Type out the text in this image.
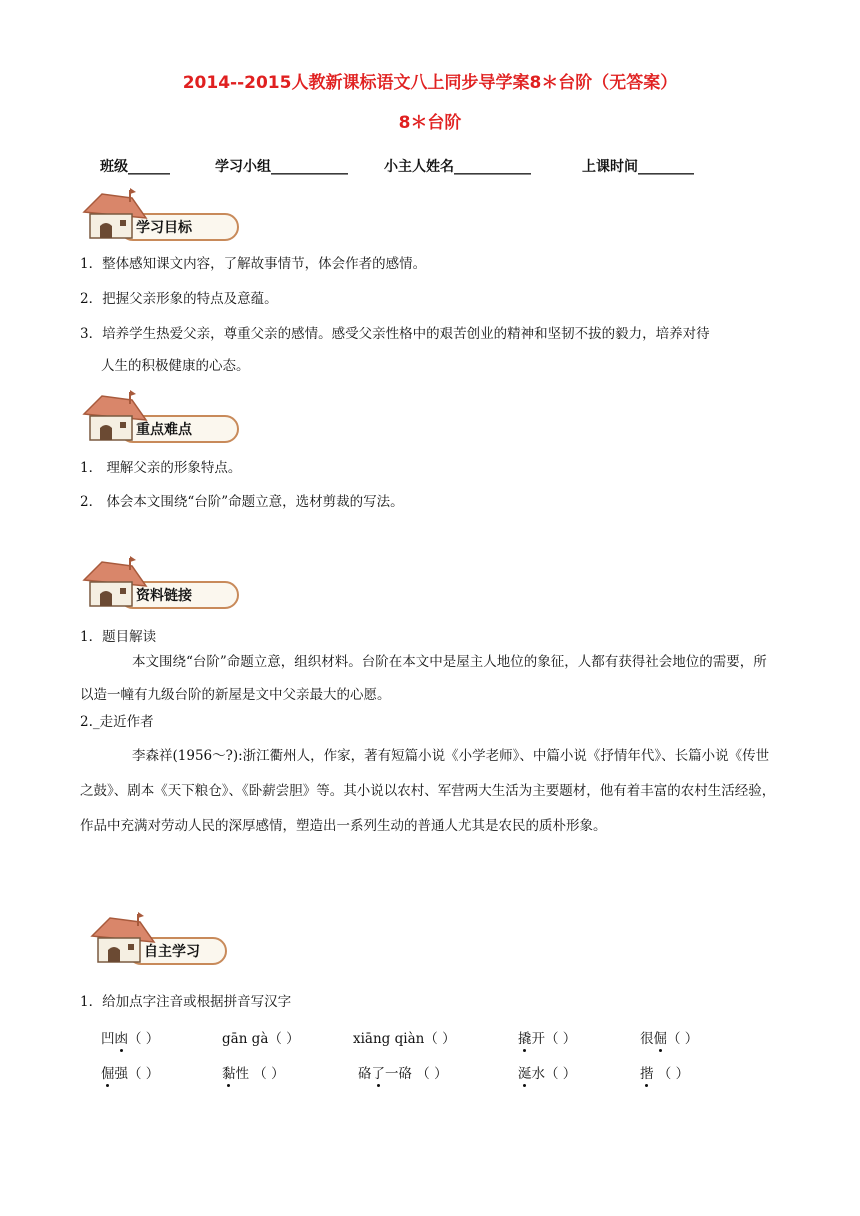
2014--2015人教新课标语文八上同步导学案8＊台阶（无答案）
8＊台阶
班级______	学习小组___________	小主人姓名___________	上课时间________
学习目标
1．整体感知课文内容，了解故事情节，体会作者的感情。
2．把握父亲形象的特点及意蕴。
3．培养学生热爱父亲，尊重父亲的感情。感受父亲性格中的艰苦创业的精神和坚韧不拔的毅力，培养对待
人生的积极健康的心态。
重点难点
1． 理解父亲的形象特点。
2． 体会本文围绕“台阶”命题立意，选材剪裁的写法。
资料链接
1．题目解读
本文围绕“台阶”命题立意，组织材料。台阶在本文中是屋主人地位的象征，人都有获得社会地位的需要，所以造一幢有九级台阶的新屋是文中父亲最大的心愿。
2._走近作者
李森祥(1956～?):浙江衢州人，作家，著有短篇小说《小学老师》、中篇小说《抒情年代》、长篇小说《传世之鼓》、剧本《天下粮仓》、《卧薪尝胆》等。其小说以农村、军营两大生活为主要题材，他有着丰富的农村生活经验，作品中充满对劳动人民的深厚感情，塑造出一系列生动的普通人尤其是农民的质朴形象。
自主学习
1．给加点字注音或根据拼音写汉字
凹凼（ ）	gān gà（ ）	xiāng qiàn（ ）	撬开（ ）	很倔（ ）
倔强（ ）	黏性 （ ）	硌了一硌 （ ）	涎水（ ）	揩 （ ）
